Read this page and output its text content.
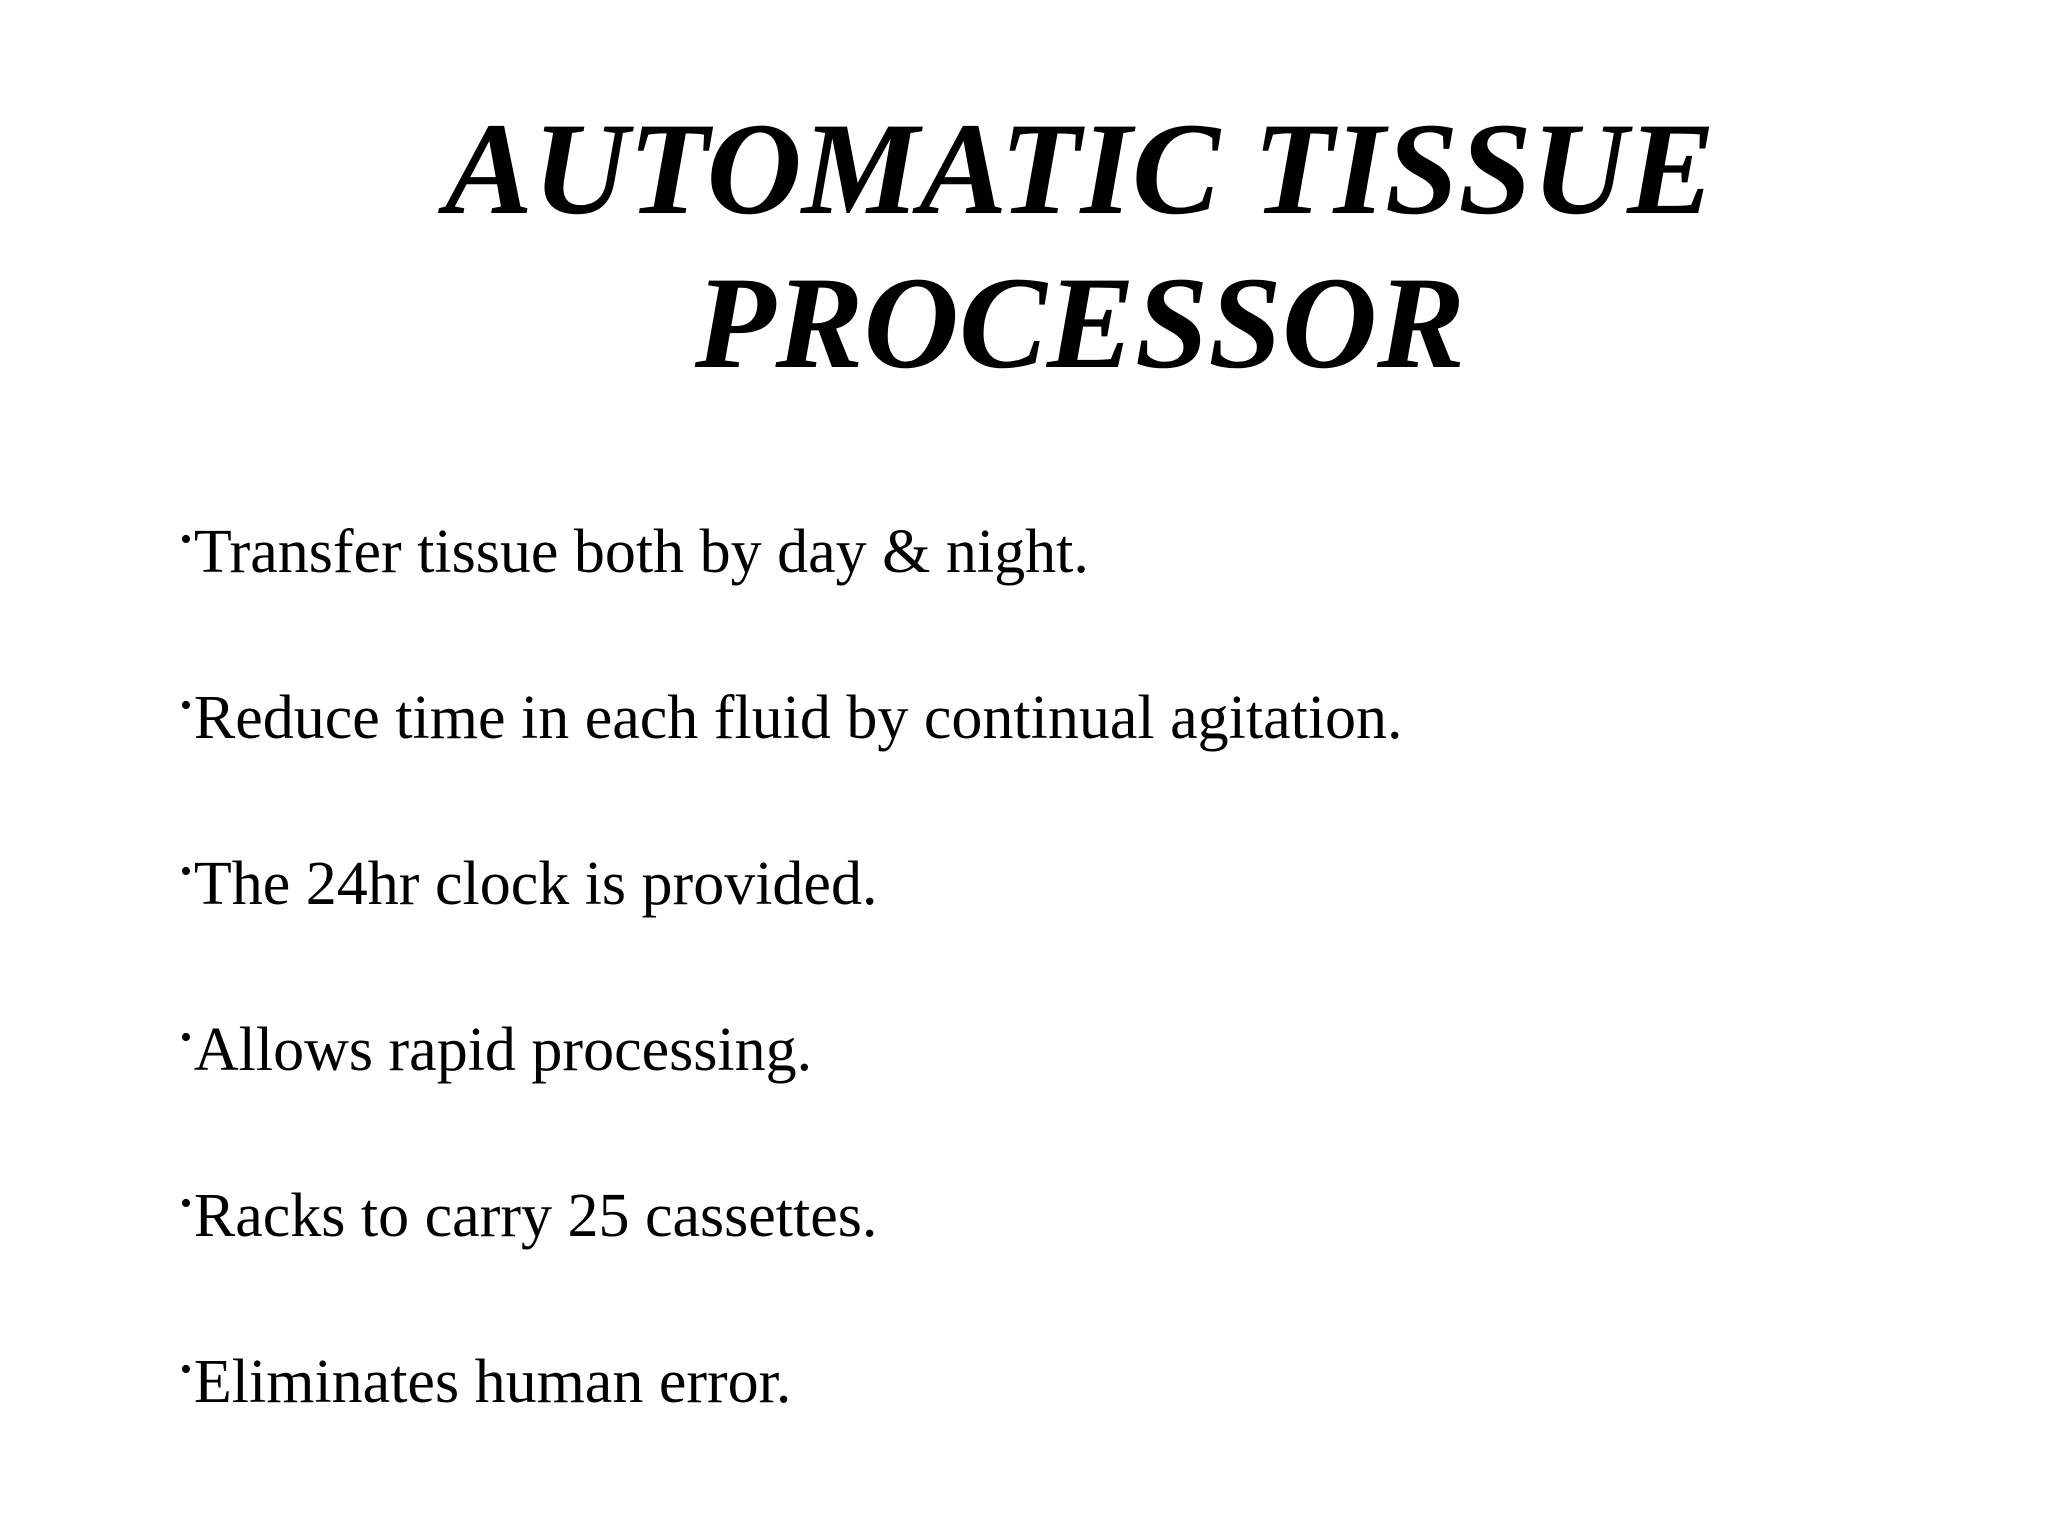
AUTOMATIC TISSUE
PROCESSOR
•Transfer tissue both by day & night.
•Reduce time in each fluid by continual agitation.
•The 24hr clock is provided.
•Allows rapid processing.
•Racks to carry 25 cassettes.
•Eliminates human error.
